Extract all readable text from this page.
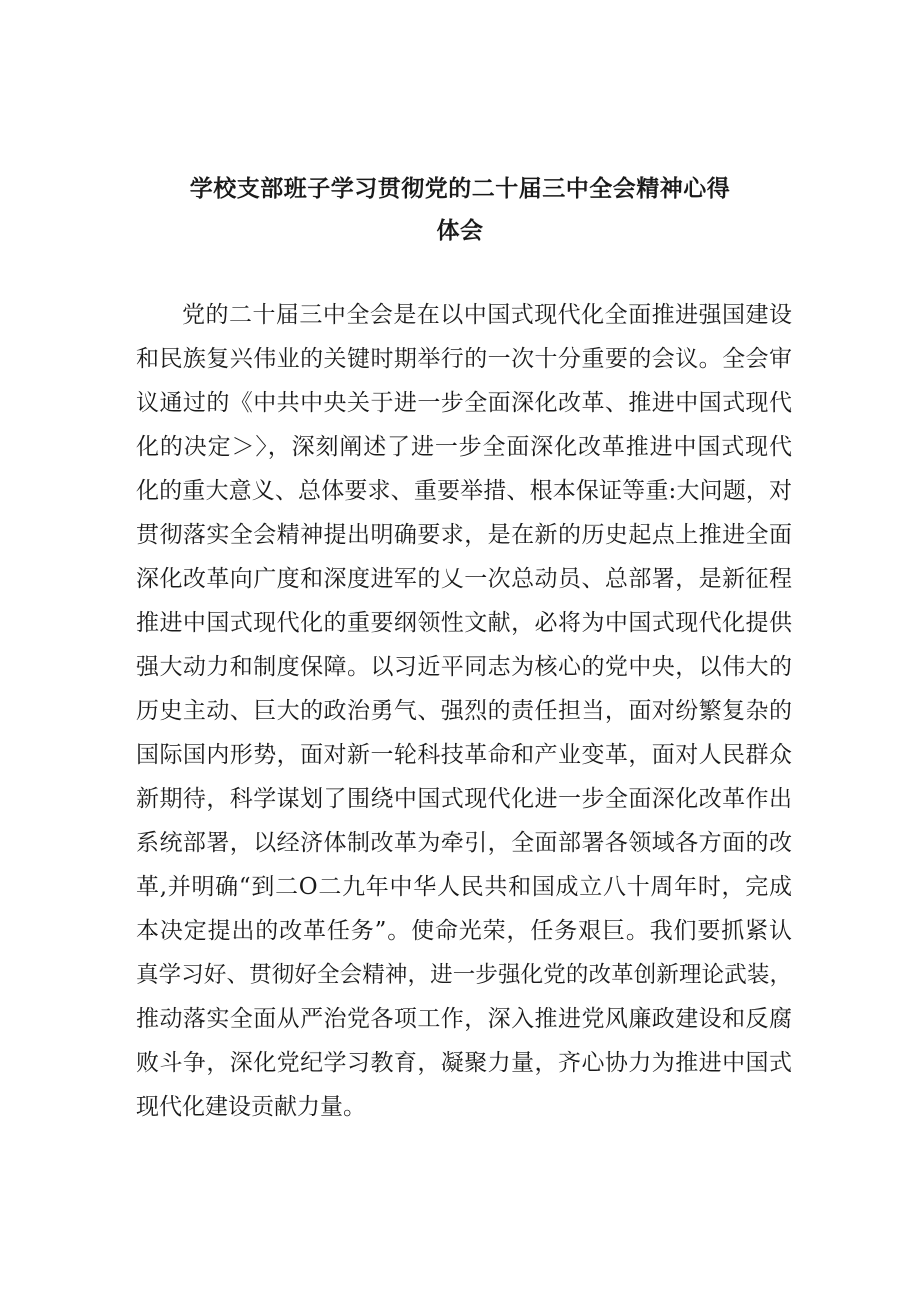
学校支部班子学习贯彻党的二十届三中全会精神心得
体会
党的二十届三中全会是在以中国式现代化全面推进强国建设
和民族复兴伟业的关键时期举行的一次十分重要的会议。全会审
议通过的《中共中央关于进一步全面深化改革、推进中国式现代
化的决定＞〉，深刻阐述了进一步全面深化改革推进中国式现代
化的重大意义、总体要求、重要举措、根本保证等重:大问题，对
贯彻落实全会精神提出明确要求，是在新的历史起点上推进全面
深化改革向广度和深度进军的乂一次总动员、总部署，是新征程
推进中国式现代化的重要纲领性文献，必将为中国式现代化提供
强大动力和制度保障。以习近平同志为核心的党中央，以伟大的
历史主动、巨大的政治勇气、强烈的责任担当，面对纷繁复杂的
国际国内形势，面对新一轮科技革命和产业变革，面对人民群众
新期待，科学谋划了围绕中国式现代化进一步全面深化改革作出
系统部署，以经济体制改革为牵引，全面部署各领域各方面的改
革,并明确“到二O二九年中华人民共和国成立八十周年时，完成
本决定提出的改革任务”。使命光荣，任务艰巨。我们要抓紧认
真学习好、贯彻好全会精神，进一步强化党的改革创新理论武装，
推动落实全面从严治党各项工作，深入推进党风廉政建设和反腐
败斗争，深化党纪学习教育，凝聚力量，齐心协力为推进中国式
现代化建设贡献力量。
